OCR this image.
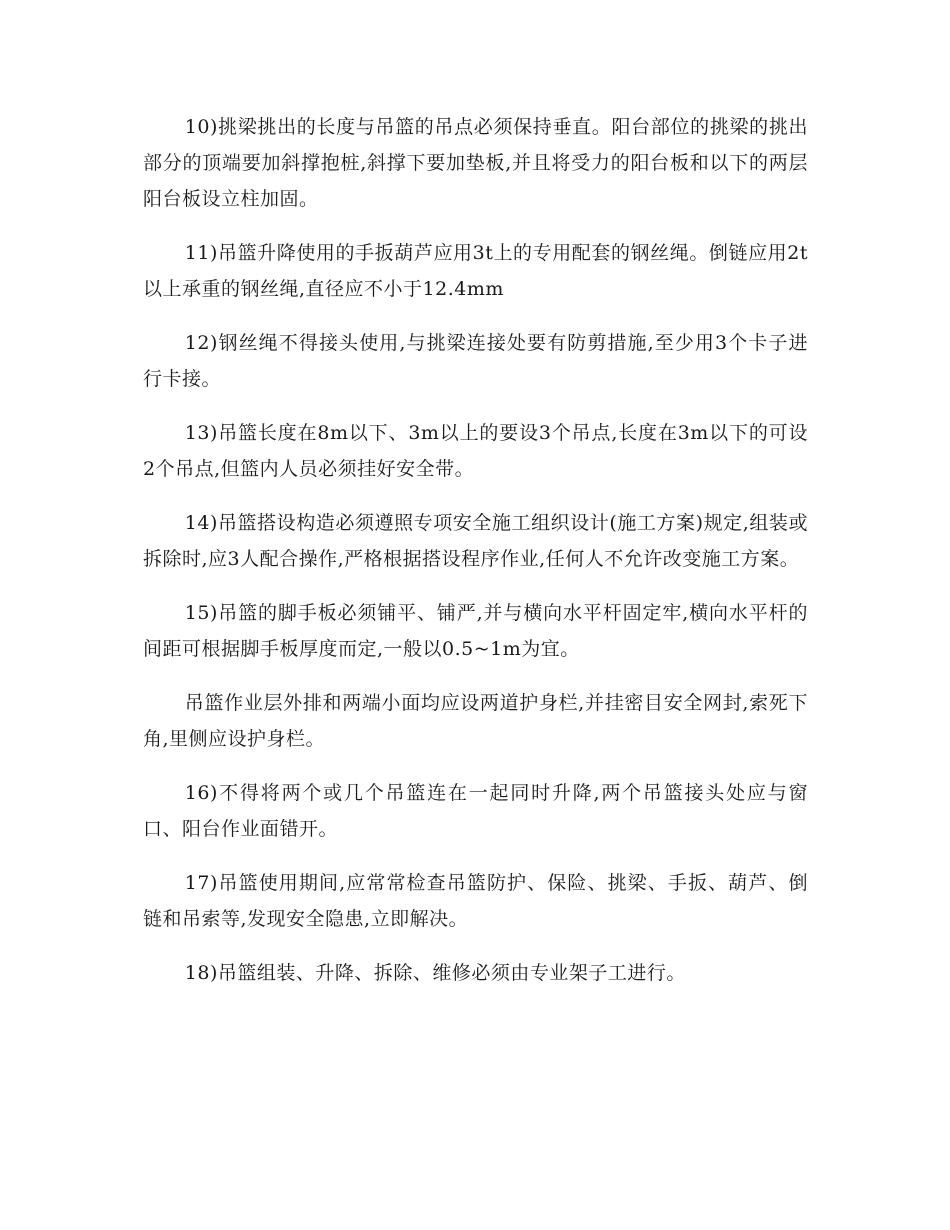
10)挑梁挑出的长度与吊篮的吊点必须保持垂直。阳台部位的挑梁的挑出部分的顶端要加斜撑抱桩,斜撑下要加垫板,并且将受力的阳台板和以下的两层阳台板设立柱加固。

11)吊篮升降使用的手扳葫芦应用3t上的专用配套的钢丝绳。倒链应用2t以上承重的钢丝绳,直径应不小于12.4mm

12)钢丝绳不得接头使用,与挑梁连接处要有防剪措施,至少用3个卡子进行卡接。

13)吊篮长度在8m以下、3m以上的要设3个吊点,长度在3m以下的可设2个吊点,但篮内人员必须挂好安全带。

14)吊篮搭设构造必须遵照专项安全施工组织设计(施工方案)规定,组装或拆除时,应3人配合操作,严格根据搭设程序作业,任何人不允许改变施工方案。

15)吊篮的脚手板必须铺平、铺严,并与横向水平杆固定牢,横向水平杆的间距可根据脚手板厚度而定,一般以0.5~1m为宜。

吊篮作业层外排和两端小面均应设两道护身栏,并挂密目安全网封,索死下角,里侧应设护身栏。

16)不得将两个或几个吊篮连在一起同时升降,两个吊篮接头处应与窗口、阳台作业面错开。

17)吊篮使用期间,应常常检查吊篮防护、保险、挑梁、手扳、葫芦、倒链和吊索等,发现安全隐患,立即解决。

18)吊篮组装、升降、拆除、维修必须由专业架子工进行。
